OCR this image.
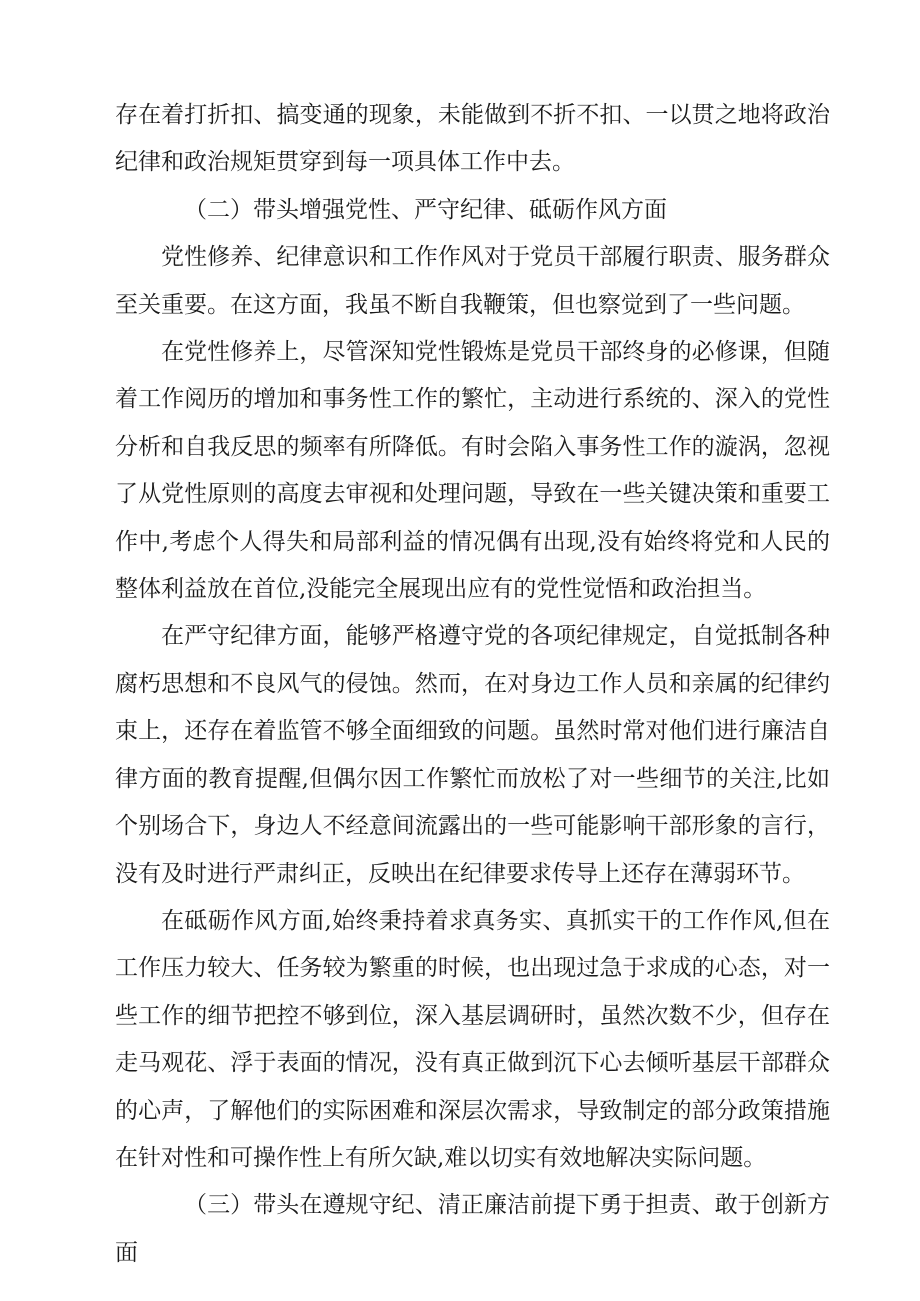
存在着打折扣、搞变通的现象，未能做到不折不扣、一以贯之地将政治纪律和政治规矩贯穿到每一项具体工作中去。

（二）带头增强党性、严守纪律、砥砺作风方面

党性修养、纪律意识和工作作风对于党员干部履行职责、服务群众至关重要。在这方面，我虽不断自我鞭策，但也察觉到了一些问题。

在党性修养上，尽管深知党性锻炼是党员干部终身的必修课，但随着工作阅历的增加和事务性工作的繁忙，主动进行系统的、深入的党性分析和自我反思的频率有所降低。有时会陷入事务性工作的漩涡，忽视了从党性原则的高度去审视和处理问题，导致在一些关键决策和重要工作中,考虑个人得失和局部利益的情况偶有出现,没有始终将党和人民的整体利益放在首位,没能完全展现出应有的党性觉悟和政治担当。

在严守纪律方面，能够严格遵守党的各项纪律规定，自觉抵制各种腐朽思想和不良风气的侵蚀。然而，在对身边工作人员和亲属的纪律约束上，还存在着监管不够全面细致的问题。虽然时常对他们进行廉洁自律方面的教育提醒,但偶尔因工作繁忙而放松了对一些细节的关注,比如个别场合下，身边人不经意间流露出的一些可能影响干部形象的言行，没有及时进行严肃纠正，反映出在纪律要求传导上还存在薄弱环节。

在砥砺作风方面,始终秉持着求真务实、真抓实干的工作作风,但在工作压力较大、任务较为繁重的时候，也出现过急于求成的心态，对一些工作的细节把控不够到位，深入基层调研时，虽然次数不少，但存在走马观花、浮于表面的情况，没有真正做到沉下心去倾听基层干部群众的心声，了解他们的实际困难和深层次需求，导致制定的部分政策措施在针对性和可操作性上有所欠缺,难以切实有效地解决实际问题。

（三）带头在遵规守纪、清正廉洁前提下勇于担责、敢于创新方面
